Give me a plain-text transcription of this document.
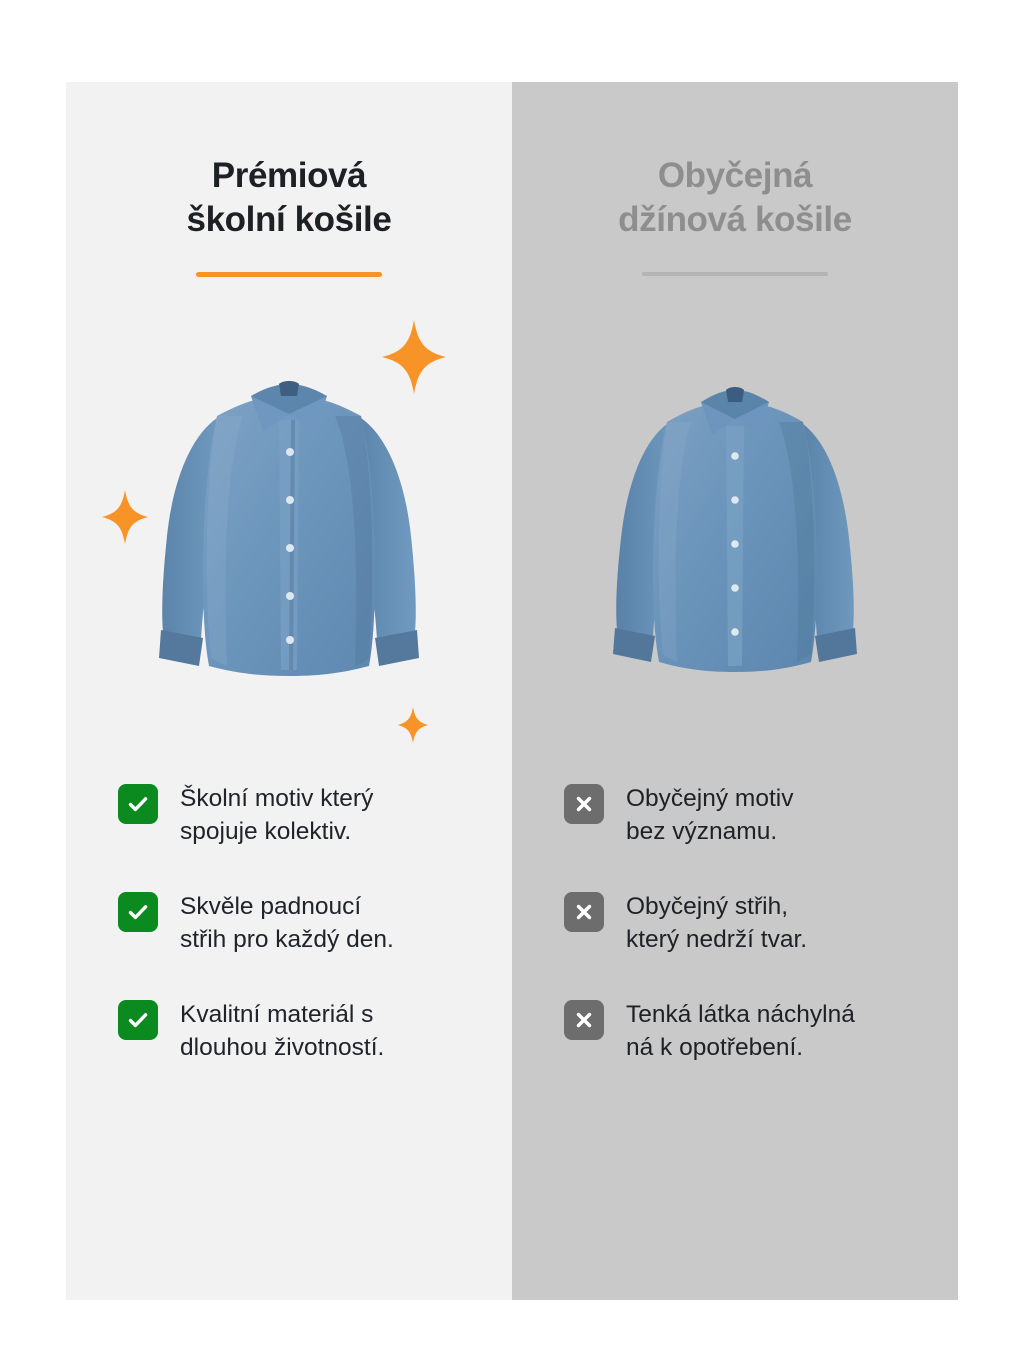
Prémiová
školní košile
Školní motiv který
spojuje kolektiv.
Skvěle padnoucí
střih pro každý den.
Kvalitní materiál s
dlouhou životností.
Obyčejná
džínová košile
Obyčejný motiv
bez významu.
Obyčejný střih,
který nedrží tvar.
Tenká látka náchylná
ná k opotřebení.
